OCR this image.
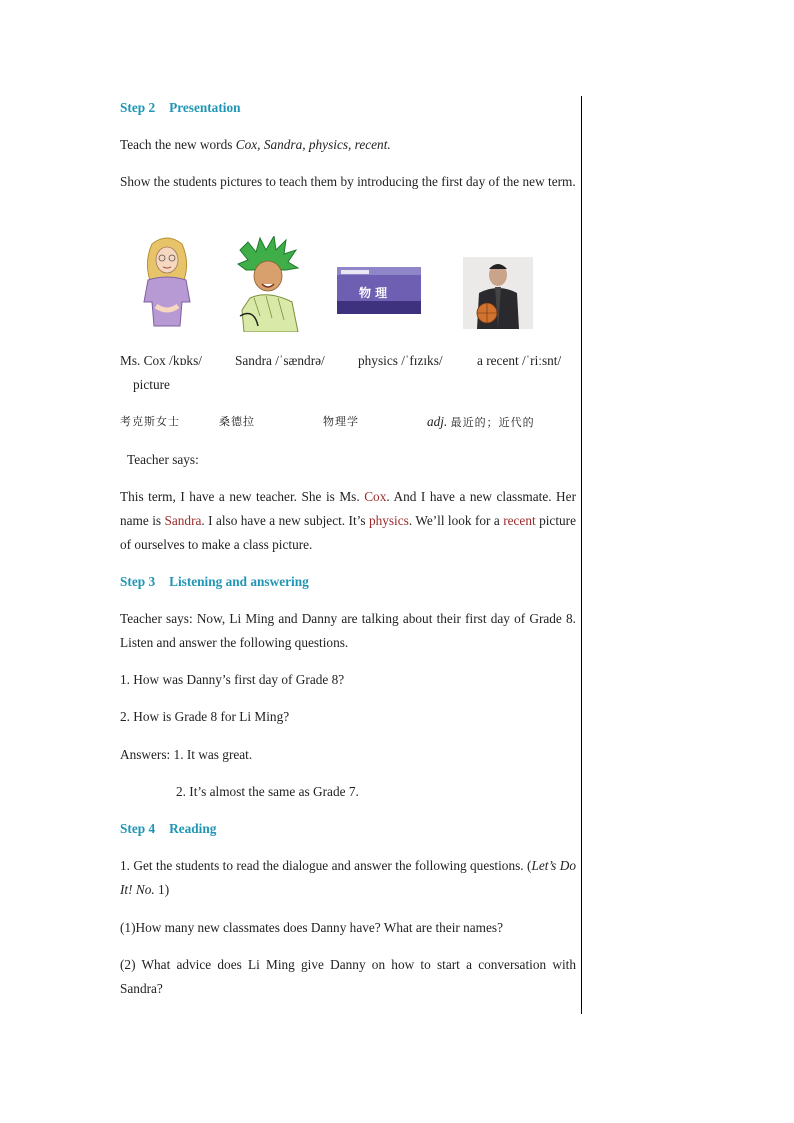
Step 2 Presentation
Teach the new words Cox, Sandra, physics, recent.
Show the students pictures to teach them by introducing the first day of the new term.
物 理
Ms. Cox /kɒks/	Sandra /ˈsændrə/	physics /ˈfɪzɪks/	a recent /ˈriːsnt/
picture
考克斯女士	桑德拉	物理学	adj. 最近的；近代的
Teacher says:
This term, I have a new teacher. She is Ms. Cox. And I have a new classmate. Her name is Sandra. I also have a new subject. It’s physics. We’ll look for a recent picture of ourselves to make a class picture.
Step 3 Listening and answering
Teacher says: Now, Li Ming and Danny are talking about their first day of Grade 8. Listen and answer the following questions.
1. How was Danny’s first day of Grade 8?
2. How is Grade 8 for Li Ming?
Answers: 1. It was great.
2. It’s almost the same as Grade 7.
Step 4 Reading
1. Get the students to read the dialogue and answer the following questions. (Let’s Do It! No. 1)
(1)How many new classmates does Danny have? What are their names?
(2) What advice does Li Ming give Danny on how to start a conversation with Sandra?
